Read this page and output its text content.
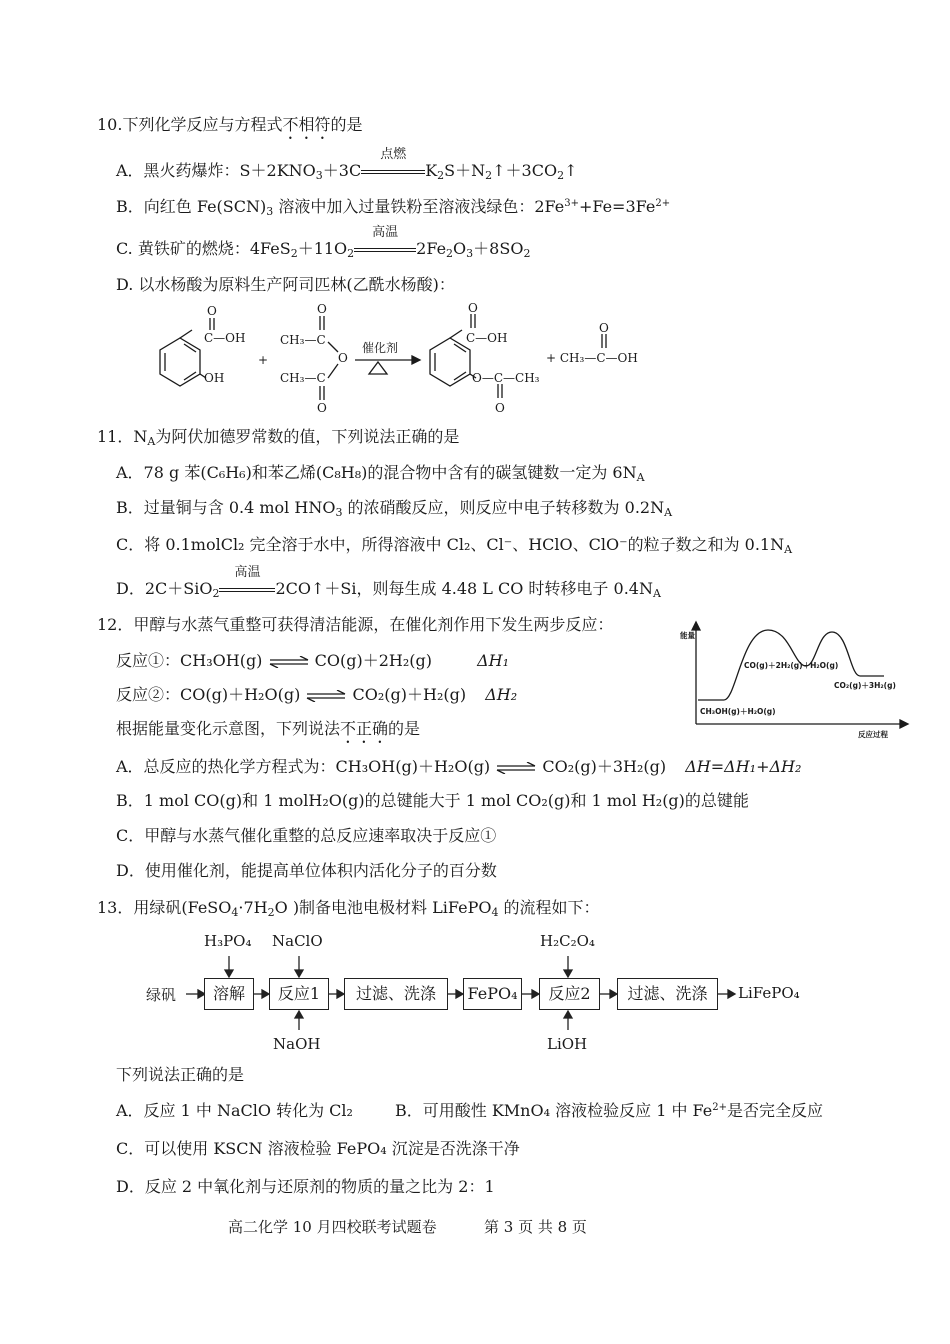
10.下列化学反应与方程式不相符的是
A．黑火药爆炸：$S+2KNO_3+3C$
点燃
$K_2S+N_2↑+3CO_2↑$
B．向红色 $Fe(SCN)_3$ 溶液中加入过量铁粉至溶液浅绿色：$2Fe^{3+}+Fe=3Fe^{2+}$
C. 黄铁矿的燃烧：$4FeS_2+11O_2$
高温
$2Fe_2O_3+8SO_2$
D. 以水杨酸为原料生产阿司匹林(乙酰水杨酸)：
O
C—OH
OH
+
O
CH₃—C
O
CH₃—C
O
催化剂
O
C—OH
O—C—CH₃
O
O
+ CH₃—C—OH
11．$N_A$为阿伏加德罗常数的值，下列说法正确的是
A．78 g 苯(C₆H₆)和苯乙烯(C₈H₈)的混合物中含有的碳氢键数一定为 $6N_A$
B．过量铜与含 0.4 mol $HNO_3$ 的浓硝酸反应，则反应中电子转移数为 $0.2N_A$
C．将 0.1molCl₂ 完全溶于水中，所得溶液中 Cl₂、Cl⁻、HClO、ClO⁻的粒子数之和为 $0.1N_A$
D．2C＋SiO$_2$
高温
2CO↑＋Si，则每生成 4.48 L CO 时转移电子 $0.4N_A$
12．甲醇与水蒸气重整可获得清洁能源，在催化剂作用下发生两步反应：
反应①：CH₃OH(g) ⇌ CO(g)＋2H₂(g)	ΔH₁
反应②：CO(g)＋H₂O(g) ⇌ CO₂(g)＋H₂(g) ΔH₂
根据能量变化示意图，下列说法不正确的是
A．总反应的热化学方程式为：CH₃OH(g)＋H₂O(g) ⇌ CO₂(g)＋3H₂(g) ΔH=ΔH₁+ΔH₂
B．1 mol CO(g)和 1 molH₂O(g)的总键能大于 1 mol CO₂(g)和 1 mol H₂(g)的总键能
C．甲醇与水蒸气催化重整的总反应速率取决于反应①
D．使用催化剂，能提高单位体积内活化分子的百分数
能量
CH₃OH(g)＋H₂O(g)
CO(g)＋2H₂(g)＋H₂O(g)
CO₂(g)＋3H₂(g)
反应过程
13．用绿矾($FeSO_4\cdot 7H_2O$ )制备电池电极材料 LiFePO$_4$ 的流程如下：
绿矾	溶解	反应1	过滤、洗涤	FePO₄	反应2	过滤、洗涤	LiFePO₄
H₃PO₄ NaClO
NaOH
H₂C₂O₄
LiOH
下列说法正确的是
A．反应 1 中 NaClO 转化为 Cl₂	B．可用酸性 KMnO₄ 溶液检验反应 1 中 $Fe^{2+}$是否完全反应
C．可以使用 KSCN 溶液检验 FePO₄ 沉淀是否洗涤干净
D．反应 2 中氧化剂与还原剂的物质的量之比为 2：1
高二化学 10 月四校联考试题卷	第 3 页 共 8 页
